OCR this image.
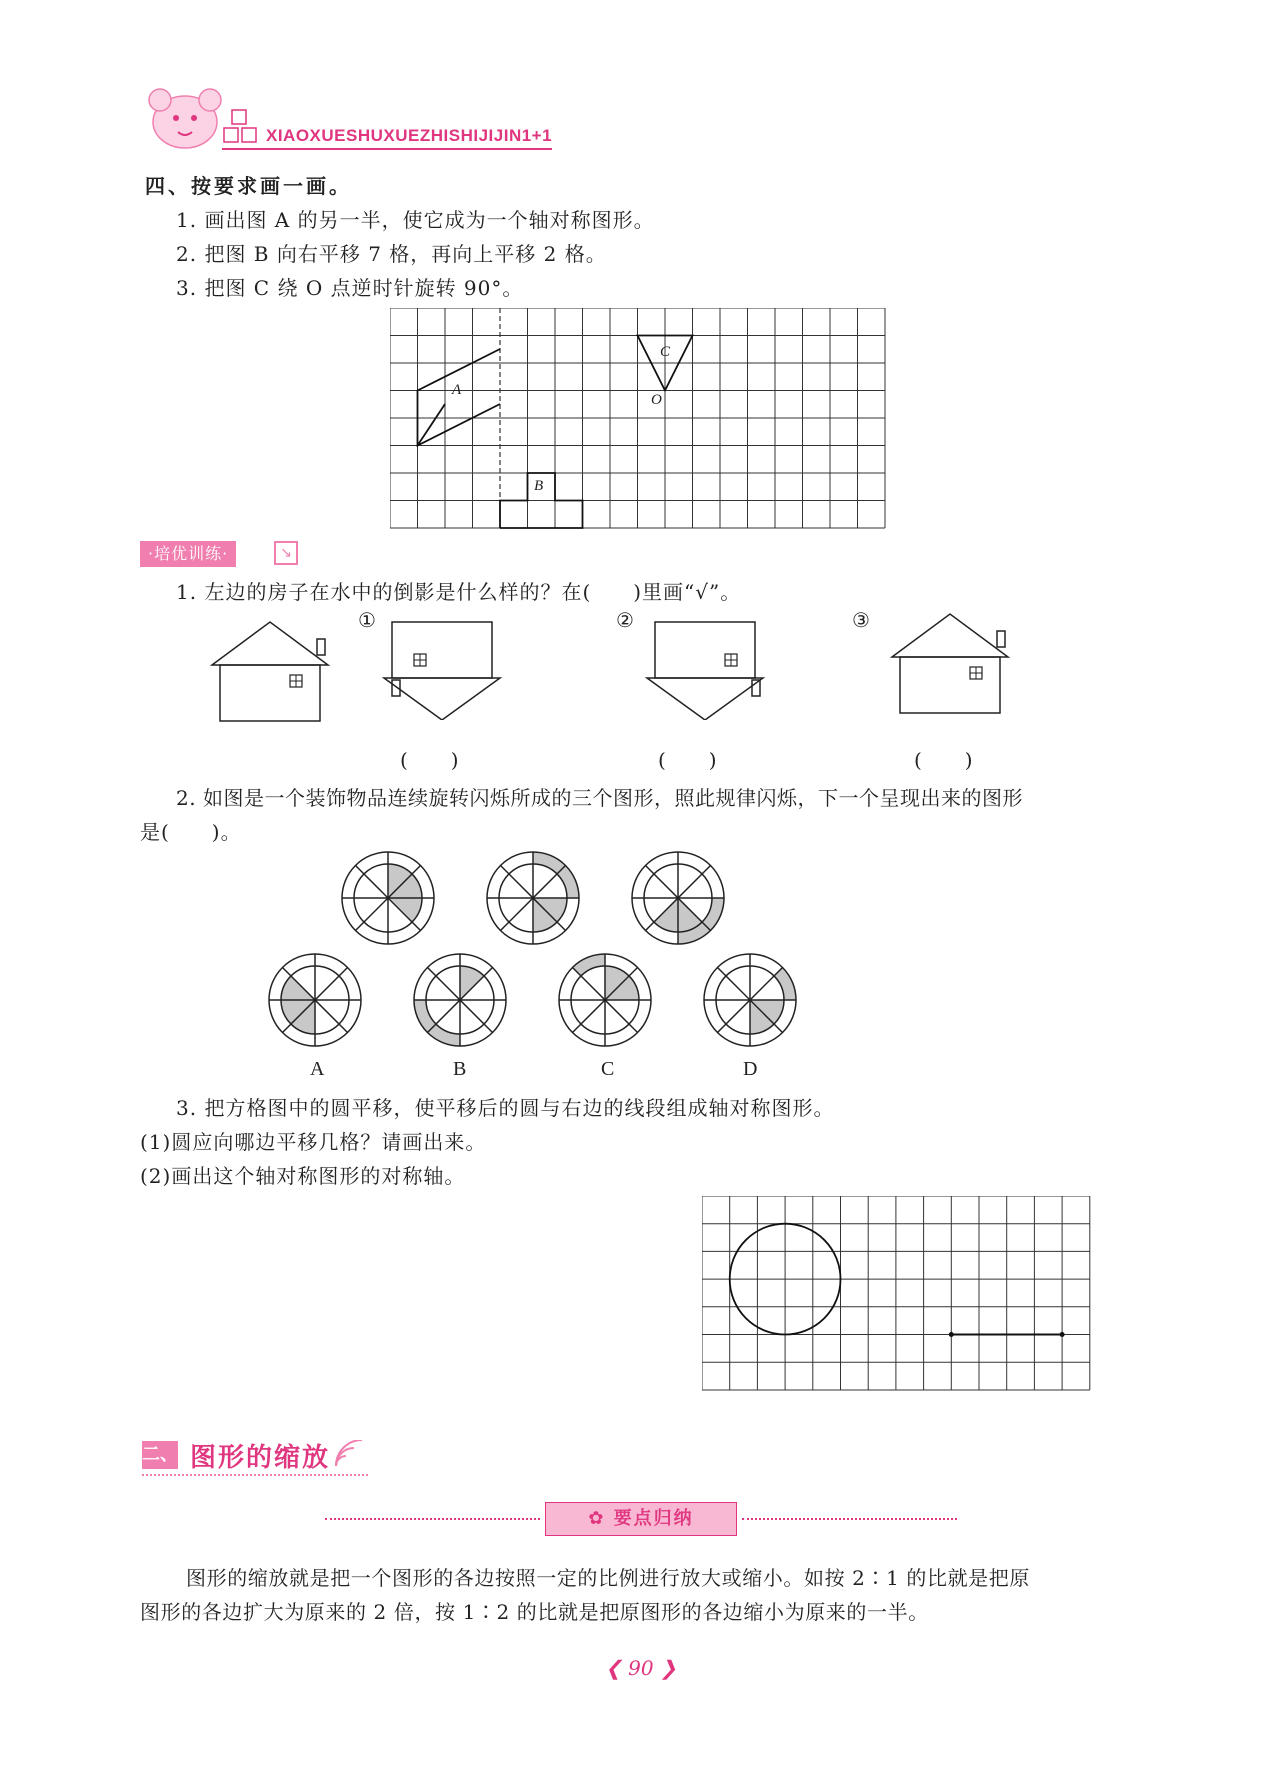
XIAOXUESHUXUEZHISHIJIJIN1+1
四、按要求画一画。
1. 画出图 A 的另一半，使它成为一个轴对称图形。
2. 把图 B 向右平移 7 格，再向上平移 2 格。
3. 把图 C 绕 O 点逆时针旋转 90°。
A
B
C
O
·培优训练·	↘
1. 左边的房子在水中的倒影是什么样的？在(　　)里画“√”。
①	②	③
(　　)	(　　)	(　　)
2. 如图是一个装饰物品连续旋转闪烁所成的三个图形，照此规律闪烁，下一个呈现出来的图形
是(　　)。
A	B	C	D
3. 把方格图中的圆平移，使平移后的圆与右边的线段组成轴对称图形。
(1)圆应向哪边平移几格？请画出来。
(2)画出这个轴对称图形的对称轴。
二、 图形的缩放
✿ 要点归纳
图形的缩放就是把一个图形的各边按照一定的比例进行放大或缩小。如按 2∶1 的比就是把原
图形的各边扩大为原来的 2 倍，按 1∶2 的比就是把原图形的各边缩小为原来的一半。
❮ 90 ❯
